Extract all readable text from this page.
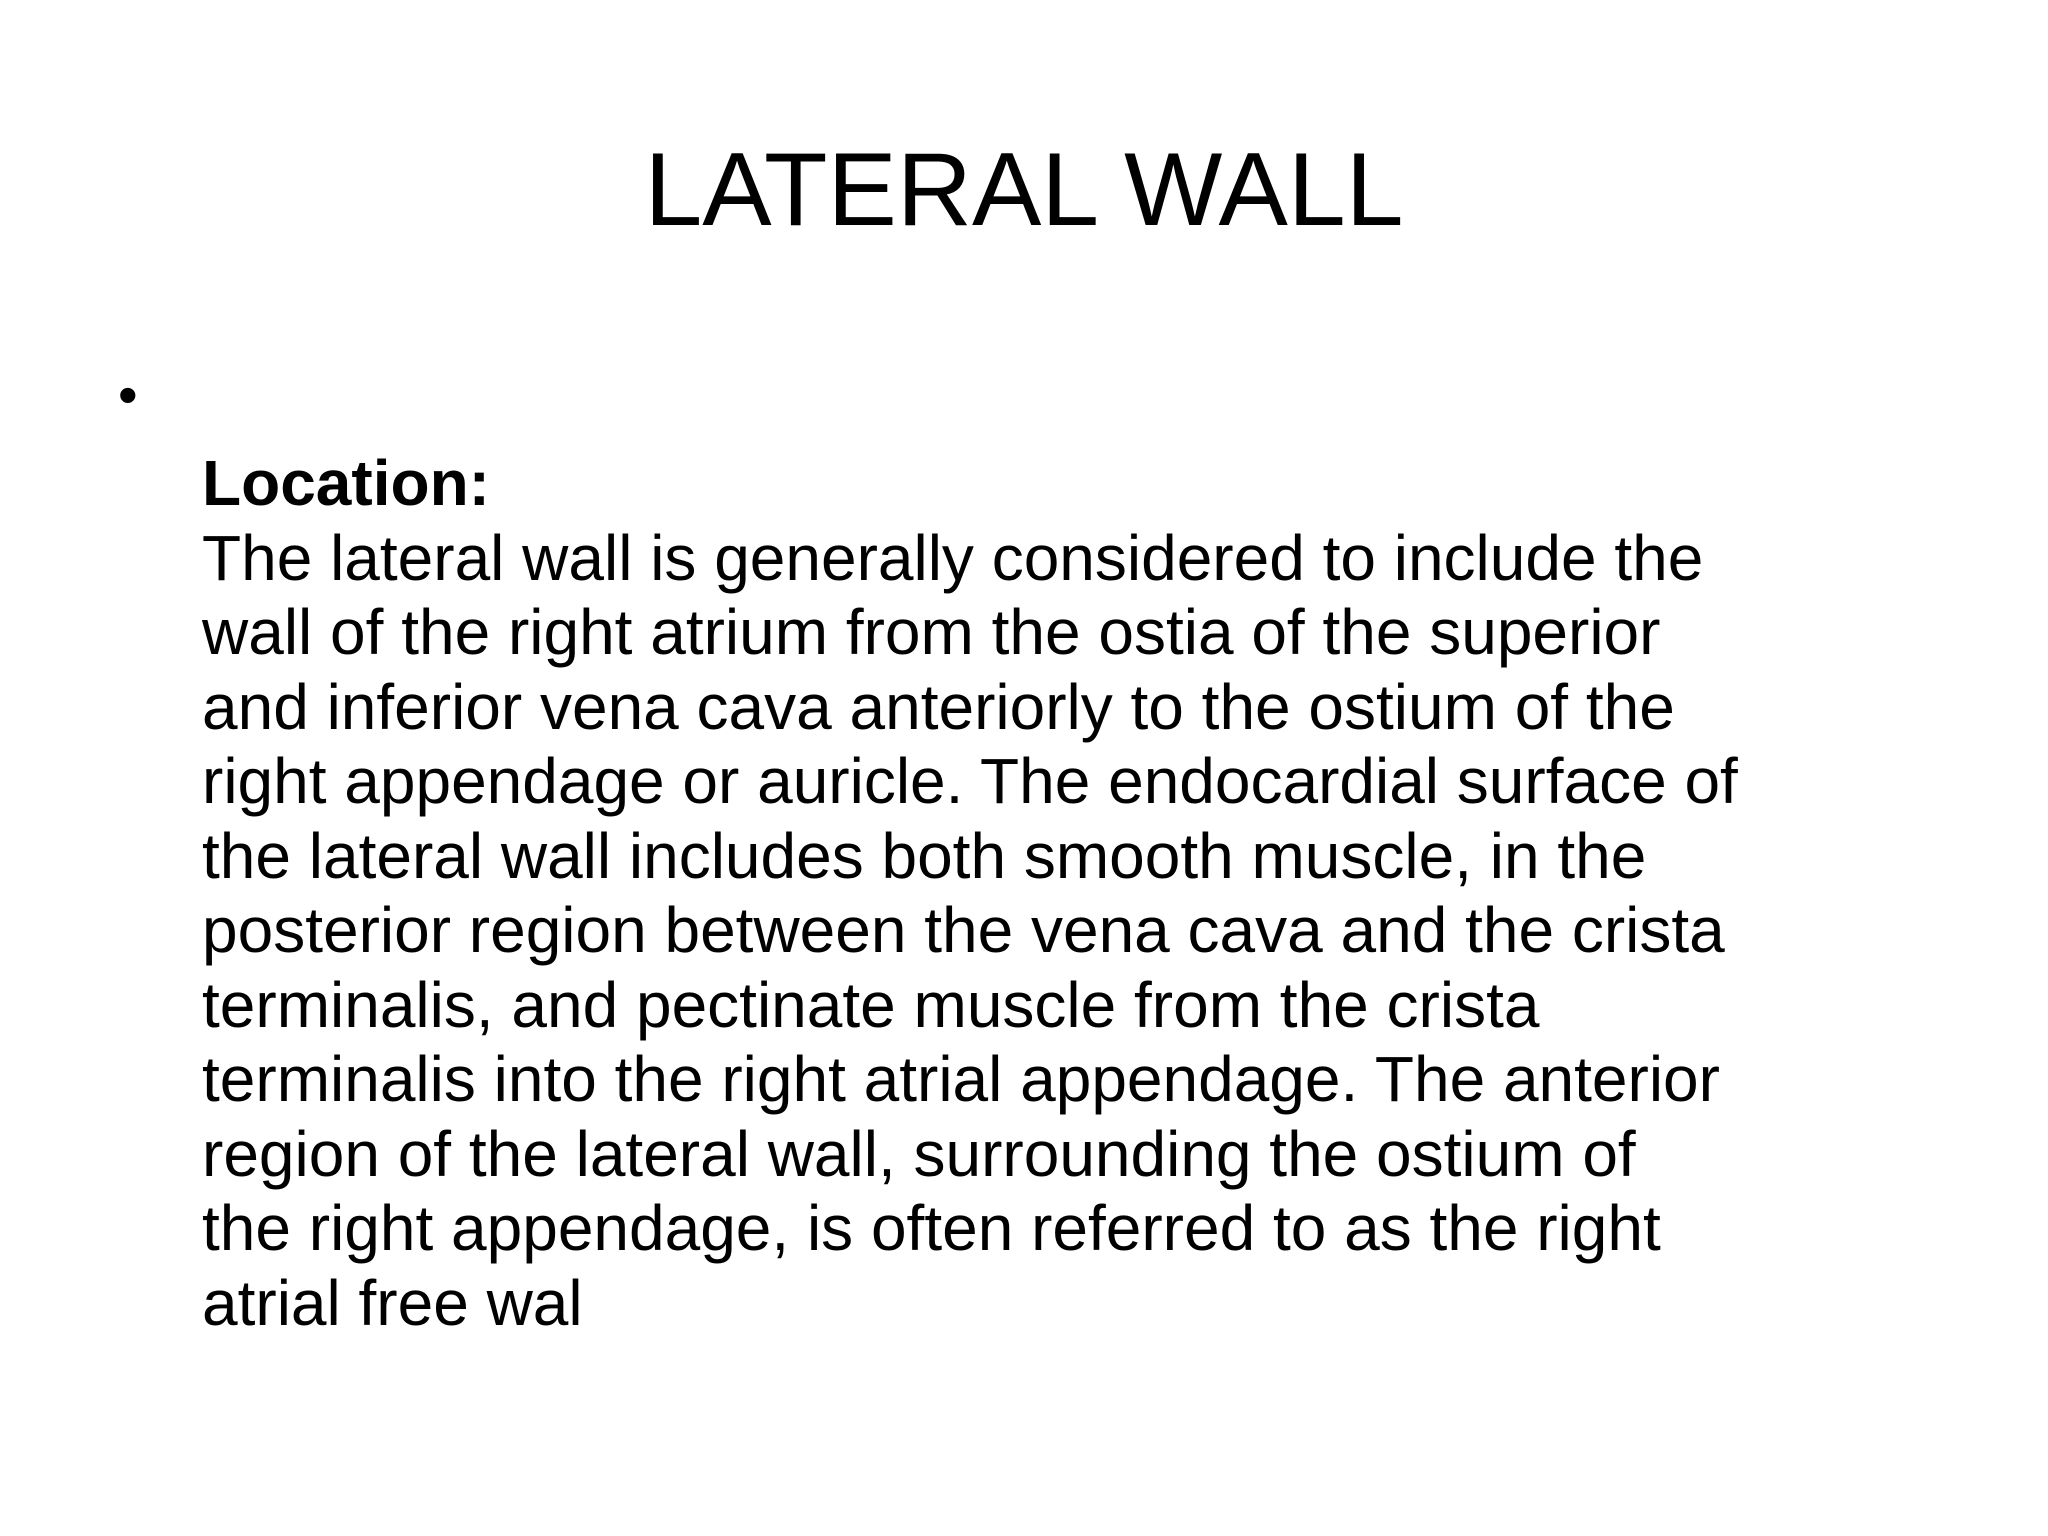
LATERAL WALL
•
Location:
The lateral wall is generally considered to include the
wall of the right atrium from the ostia of the superior
and inferior vena cava anteriorly to the ostium of the
right appendage or auricle. The endocardial surface of
the lateral wall includes both smooth muscle, in the
posterior region between the vena cava and the crista
terminalis, and pectinate muscle from the crista
terminalis into the right atrial appendage. The anterior
region of the lateral wall, surrounding the ostium of
the right appendage, is often referred to as the right
atrial free wal
